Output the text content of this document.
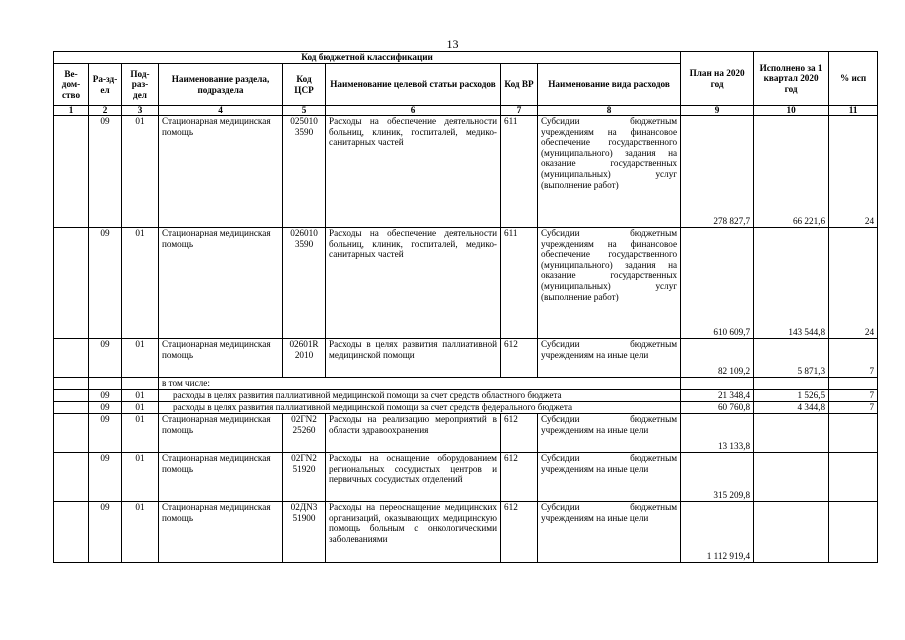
13
Код бюджетной классификации								План на 2020 год	Исполнено за 1 квартал 2020 год	% исп
Ве-дом-ство	Ра-зд-ел	Под-раз-дел	Наименование раздела, подраздела	Код ЦСР	Наименование целевой статьи расходов	Код ВР	Наименование вида расходов			
1	2	3	4	5	6	7	8	9	10	11
	09	01	Стационарная медицинская помощь	025010 3590	Расходы на обеспечение деятельности больниц, клиник, госпиталей, медико-санитарных частей	611	Субсидии бюджетным учреждениям на финансовое обеспечение государственного (муниципального) задания на оказание государственных (муниципальных) услуг (выполнение работ)	278 827,7	66 221,6	24
	09	01	Стационарная медицинская помощь	026010 3590	Расходы на обеспечение деятельности больниц, клиник, госпиталей, медико-санитарных частей	611	Субсидии бюджетным учреждениям на финансовое обеспечение государственного (муниципального) задания на оказание государственных (муниципальных) услуг (выполнение работ)	610 609,7	143 544,8	24
	09	01	Стационарная медицинская помощь	02601R 2010	Расходы в целях развития паллиативной медицинской помощи	612	Субсидии бюджетным учреждениям на иные цели	82 109,2	5 871,3	7
			в том числе:							
	09	01	расходы в целях развития паллиативной медицинской помощи за счет средств областного бюджета					21 348,4	1 526,5	7
	09	01	расходы в целях развития паллиативной медицинской помощи за счет средств федерального бюджета					60 760,8	4 344,8	7
	09	01	Стационарная медицинская помощь	02ГN2 25260	Расходы на реализацию мероприятий в области здравоохранения	612	Субсидии бюджетным учреждениям на иные цели	13 133,8		
	09	01	Стационарная медицинская помощь	02ГN2 51920	Расходы на оснащение оборудованием региональных сосудистых центров и первичных сосудистых отделений	612	Субсидии бюджетным учреждениям на иные цели	315 209,8		
	09	01	Стационарная медицинская помощь	02ДN3 51900	Расходы на переоснащение медицинских организаций, оказывающих медицинскую помощь больным с онкологическими заболеваниями	612	Субсидии бюджетным учреждениям на иные цели	1 112 919,4		
